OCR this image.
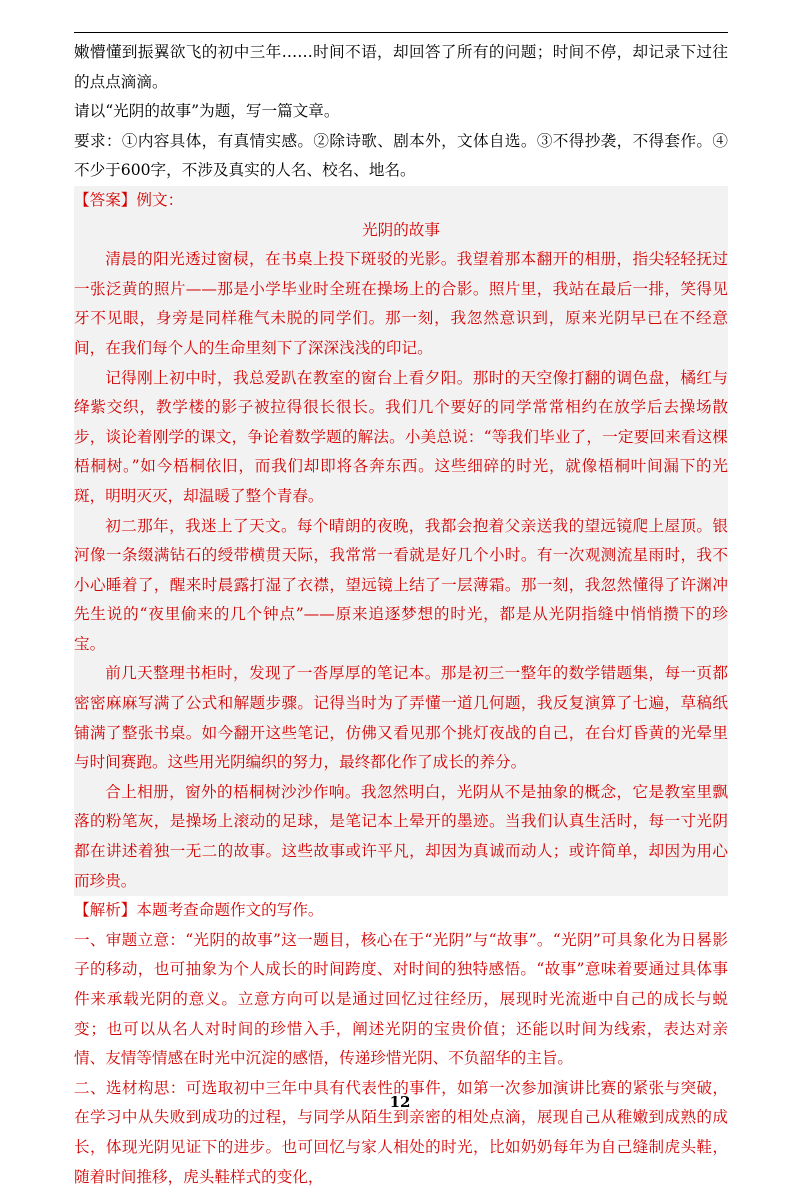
嫩懵懂到振翼欲飞的初中三年……时间不语，却回答了所有的问题；时间不停，却记录下过往的点点滴滴。

请以“光阴的故事”为题，写一篇文章。

要求：①内容具体，有真情实感。②除诗歌、剧本外，文体自选。③不得抄袭，不得套作。④不少于600字，不涉及真实的人名、校名、地名。

【答案】例文：

光阴的故事

清晨的阳光透过窗棂，在书桌上投下斑驳的光影。我望着那本翻开的相册，指尖轻轻抚过一张泛黄的照片——那是小学毕业时全班在操场上的合影。照片里，我站在最后一排，笑得见牙不见眼，身旁是同样稚气未脱的同学们。那一刻，我忽然意识到，原来光阴早已在不经意间，在我们每个人的生命里刻下了深深浅浅的印记。

记得刚上初中时，我总爱趴在教室的窗台上看夕阳。那时的天空像打翻的调色盘，橘红与绛紫交织，教学楼的影子被拉得很长很长。我们几个要好的同学常常相约在放学后去操场散步，谈论着刚学的课文，争论着数学题的解法。小美总说：“等我们毕业了，一定要回来看这棵梧桐树。”如今梧桐依旧，而我们却即将各奔东西。这些细碎的时光，就像梧桐叶间漏下的光斑，明明灭灭，却温暖了整个青春。

初二那年，我迷上了天文。每个晴朗的夜晚，我都会抱着父亲送我的望远镜爬上屋顶。银河像一条缀满钻石的绶带横贯天际，我常常一看就是好几个小时。有一次观测流星雨时，我不小心睡着了，醒来时晨露打湿了衣襟，望远镜上结了一层薄霜。那一刻，我忽然懂得了许渊冲先生说的“夜里偷来的几个钟点”——原来追逐梦想的时光，都是从光阴指缝中悄悄攒下的珍宝。

前几天整理书柜时，发现了一沓厚厚的笔记本。那是初三一整年的数学错题集，每一页都密密麻麻写满了公式和解题步骤。记得当时为了弄懂一道几何题，我反复演算了七遍，草稿纸铺满了整张书桌。如今翻开这些笔记，仿佛又看见那个挑灯夜战的自己，在台灯昏黄的光晕里与时间赛跑。这些用光阴编织的努力，最终都化作了成长的养分。

合上相册，窗外的梧桐树沙沙作响。我忽然明白，光阴从不是抽象的概念，它是教室里飘落的粉笔灰，是操场上滚动的足球，是笔记本上晕开的墨迹。当我们认真生活时，每一寸光阴都在讲述着独一无二的故事。这些故事或许平凡，却因为真诚而动人；或许简单，却因为用心而珍贵。

【解析】本题考查命题作文的写作。

一、审题立意：“光阴的故事”这一题目，核心在于“光阴”与“故事”。“光阴”可具象化为日晷影子的移动，也可抽象为个人成长的时间跨度、对时间的独特感悟。“故事”意味着要通过具体事件来承载光阴的意义。立意方向可以是通过回忆过往经历，展现时光流逝中自己的成长与蜕变；也可以从名人对时间的珍惜入手，阐述光阴的宝贵价值；还能以时间为线索，表达对亲情、友情等情感在时光中沉淀的感悟，传递珍惜光阴、不负韶华的主旨。

二、选材构思：可选取初中三年中具有代表性的事件，如第一次参加演讲比赛的紧张与突破，在学习中从失败到成功的过程，与同学从陌生到亲密的相处点滴，展现自己从稚嫩到成熟的成长，体现光阴见证下的进步。也可回忆与家人相处的时光，比如奶奶每年为自己缝制虎头鞋，随着时间推移，虎头鞋样式的变化，

12
